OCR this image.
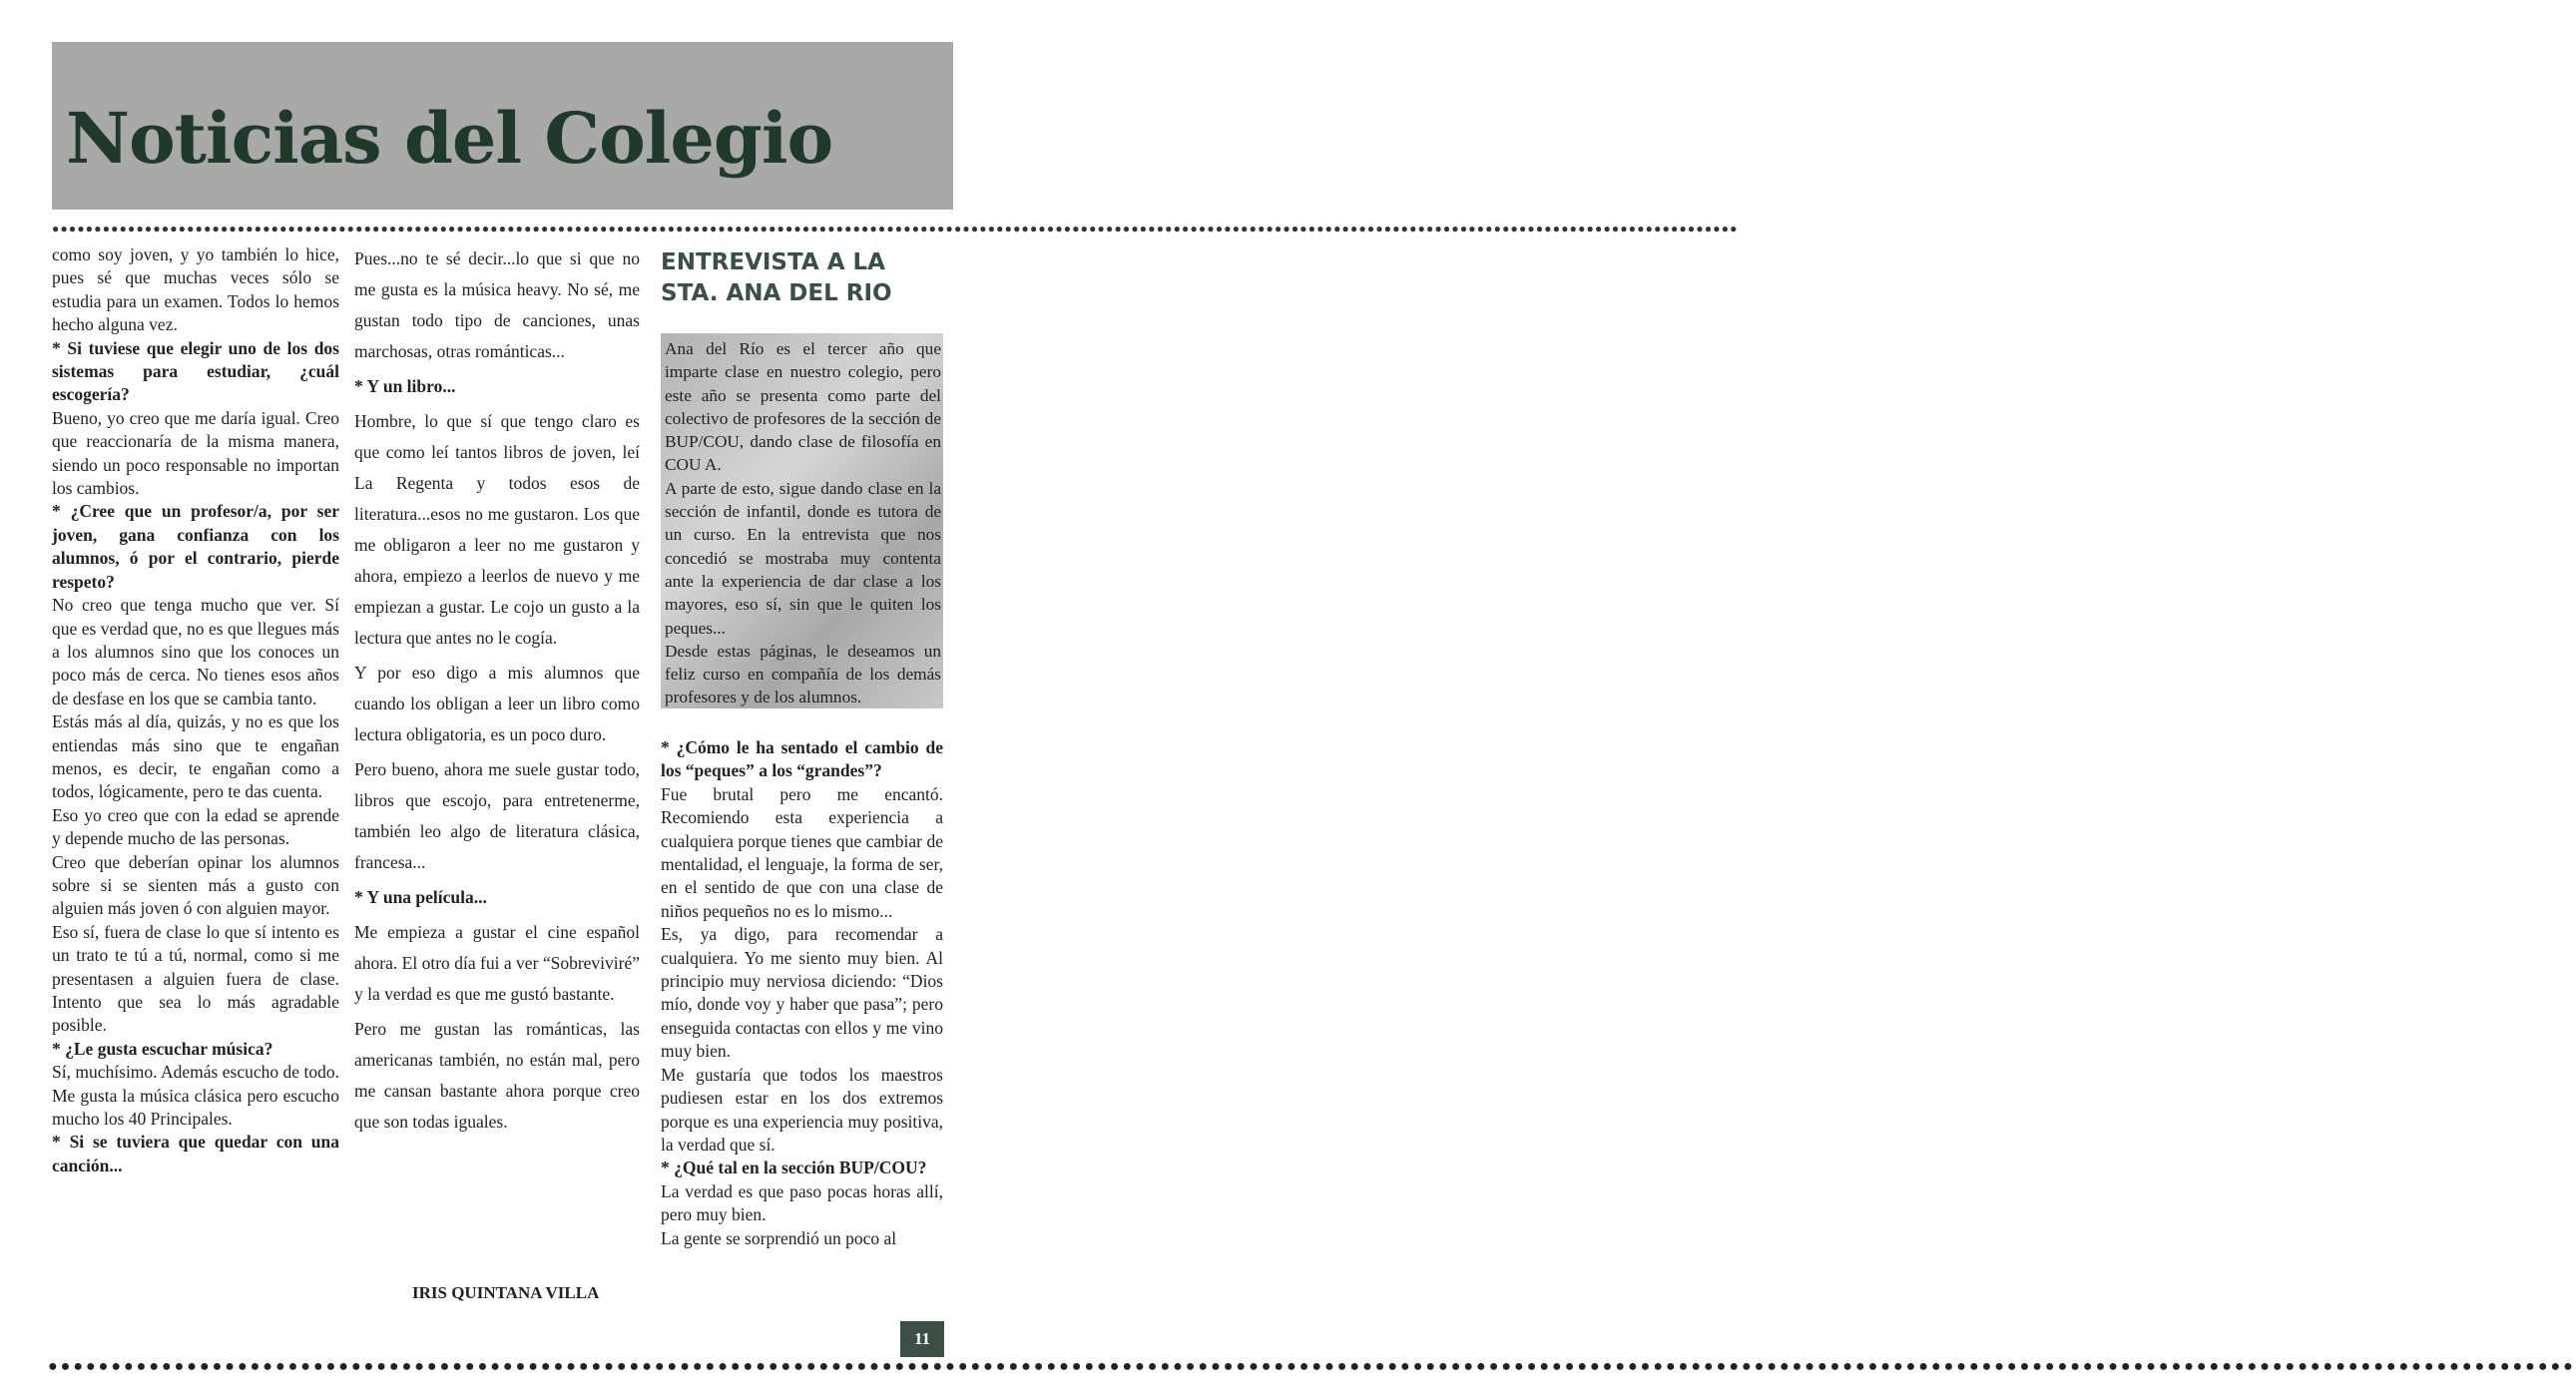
Noticias del Colegio
●●●●●●●●●●●●●●●●●●●●●●●●●●●●●●●●●●●●●●●●●●●●●●●●●●●●●●●●●●●●●●●●●●●●●●●●●●●●●●●●●●●●●●●●●●●●●●●●●●●●●●●●●●●●●●●●●●●●●●●●●●●●●●●●●●●●●●●●●●●●●●●●●●●●●●●●●●●●●●●●●●●●●●●●●●●●●●●●●●●●●●●●●●●●●●●●●●●●●●●●

como soy joven, y yo también lo hice, pues sé que muchas veces sólo se estudia para un examen. Todos lo hemos hecho alguna vez.

* Si tuviese que elegir uno de los dos sistemas para estudiar, ¿cuál escogería?

Bueno, yo creo que me daría igual. Creo que reaccionaría de la misma manera, siendo un poco responsable no importan los cambios.

* ¿Cree que un profesor/a, por ser joven, gana confianza con los alumnos, ó por el contrario, pierde respeto?

No creo que tenga mucho que ver. Sí que es verdad que, no es que llegues más a los alumnos sino que los conoces un poco más de cerca. No tienes esos años de desfase en los que se cambia tanto.

Estás más al día, quizás, y no es que los entiendas más sino que te engañan menos, es decir, te engañan como a todos, lógicamente, pero te das cuenta.

Eso yo creo que con la edad se aprende y depende mucho de las personas.

Creo que deberían opinar los alumnos sobre si se sienten más a gusto con alguien más joven ó con alguien mayor.

Eso sí, fuera de clase lo que sí intento es un trato te tú a tú, normal, como si me presentasen a alguien fuera de clase. Intento que sea lo más agradable posible.

* ¿Le gusta escuchar música?

Sí, muchísimo. Además escucho de todo. Me gusta la música clásica pero escucho mucho los 40 Principales.

* Si se tuviera que quedar con una canción...

Pues...no te sé decir...lo que si que no me gusta es la música heavy. No sé, me gustan todo tipo de canciones, unas marchosas, otras románticas...

* Y un libro...

Hombre, lo que sí que tengo claro es que como leí tantos libros de joven, leí La Regenta y todos esos de literatura...esos no me gustaron. Los que me obligaron a leer no me gustaron y ahora, empiezo a leerlos de nuevo y me empiezan a gustar. Le cojo un gusto a la lectura que antes no le cogía.

Y por eso digo a mis alumnos que cuando los obligan a leer un libro como lectura obligatoria, es un poco duro.

Pero bueno, ahora me suele gustar todo, libros que escojo, para entretenerme, también leo algo de literatura clásica, francesa...

* Y una película...

Me empieza a gustar el cine español ahora. El otro día fui a ver “Sobreviviré” y la verdad es que me gustó bastante.

Pero me gustan las románticas, las americanas también, no están mal, pero me cansan bastante ahora porque creo que son todas iguales.

ENTREVISTA A LA
STA. ANA DEL RIO

Ana del Río es el tercer año que imparte clase en nuestro colegio, pero este año se presenta como parte del colectivo de profesores de la sección de BUP/COU, dando clase de filosofía en COU A.

A parte de esto, sigue dando clase en la sección de infantil, donde es tutora de un curso. En la entrevista que nos concedió se mostraba muy contenta ante la experiencia de dar clase a los mayores, eso sí, sin que le quiten los peques...

Desde estas páginas, le deseamos un feliz curso en compañía de los demás profesores y de los alumnos.

* ¿Cómo le ha sentado el cambio de los “peques” a los “grandes”?

Fue brutal pero me encantó. Recomiendo esta experiencia a cualquiera porque tienes que cambiar de mentalidad, el lenguaje, la forma de ser, en el sentido de que con una clase de niños pequeños no es lo mismo...

Es, ya digo, para recomendar a cualquiera. Yo me siento muy bien. Al principio muy nerviosa diciendo: “Dios mío, donde voy y haber que pasa”; pero enseguida contactas con ellos y me vino muy bien.

Me gustaría que todos los maestros pudiesen estar en los dos extremos porque es una experiencia muy positiva, la verdad que sí.

* ¿Qué tal en la sección BUP/COU?

La verdad es que paso pocas horas allí, pero muy bien.

La gente se sorprendió un poco al

IRIS QUINTANA VILLA
●●●●●●●●●●●●●●●●●●●●●●●●●●●●●●●●●●●●●●●●●●●●●●●●●●●●●●●●●●●●●●●●●●●●●●●●●●●●●●●●●●●●●●●●●●●●●●●●●●●●●●●●●●●●●●●●●●●●●●●●●●●●●●●●●●●●●●●●●●●●●●●●●●●●●●●●●●●●●●●●●●●●●●●●●●●●●●●●●●●●●●●●●●●●●●●●●●●●●●●●
11
